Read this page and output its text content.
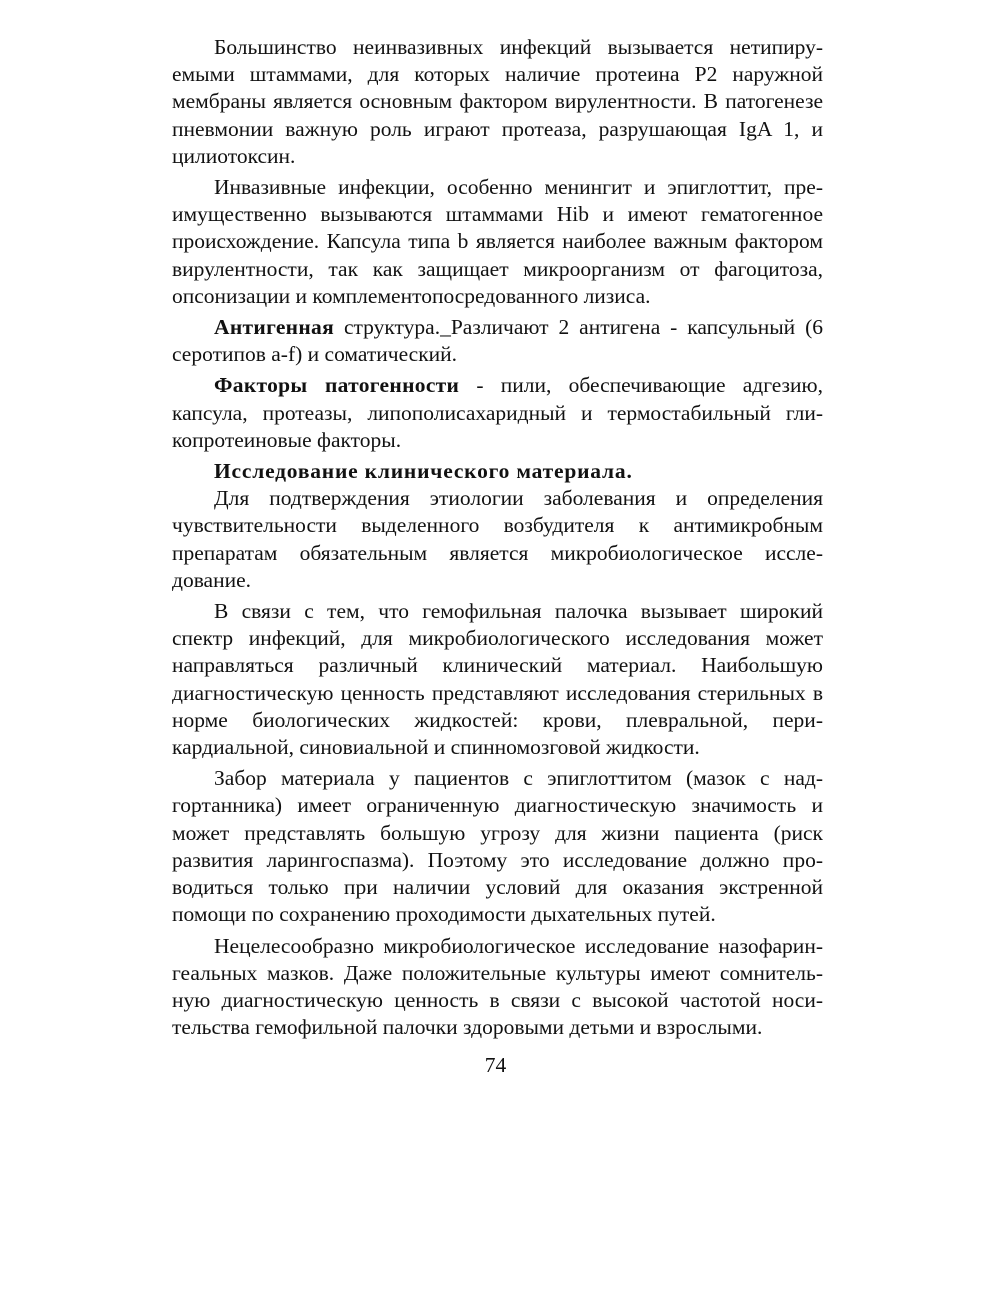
Большинство неинвазивных инфекций вызывается нетипируемыми штаммами, для которых наличие протеина P2 наружной мембраны является основным фактором вирулентности. В патогенезе пневмонии важную роль играют протеаза, разрушающая IgA 1, и цилиотоксин.

Инвазивные инфекции, особенно менингит и эпиглоттит, преимущественно вызываются штаммами Hib и имеют гематогенное происхождение. Капсула типа b является наиболее важным фактором вирулентности, так как защищает микроорганизм от фагоцитоза, опсонизации и комплементопосредованного лизиса.

Антигенная структура._Различают 2 антигена - капсульный (6 серотипов a-f) и соматический.

Факторы патогенности - пили, обеспечивающие адгезию, капсула, протеазы, липополисахаридный и термостабильный гликопротеиновые факторы.

Исследование клинического материала.

Для подтверждения этиологии заболевания и определения чувствительности выделенного возбудителя к антимикробным препаратам обязательным является микробиологическое исследование.

В связи с тем, что гемофильная палочка вызывает широкий спектр инфекций, для микробиологического исследования может направляться различный клинический материал. Наибольшую диагностическую ценность представляют исследования стерильных в норме биологических жидкостей: крови, плевральной, перикардиальной, синовиальной и спинномозговой жидкости.

Забор материала у пациентов с эпиглоттитом (мазок с надгортанника) имеет ограниченную диагностическую значимость и может представлять большую угрозу для жизни пациента (риск развития ларингоспазма). Поэтому это исследование должно проводиться только при наличии условий для оказания экстренной помощи по сохранению проходимости дыхательных путей.

Нецелесообразно микробиологическое исследование назофарингеальных мазков. Даже положительные культуры имеют сомнительную диагностическую ценность в связи с высокой частотой носительства гемофильной палочки здоровыми детьми и взрослыми.

74
